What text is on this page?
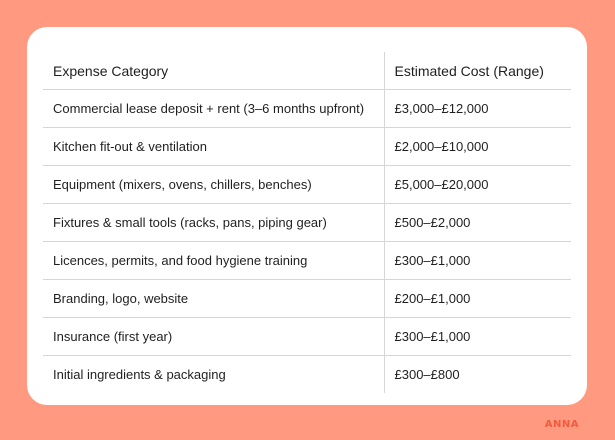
Expense Category	Estimated Cost (Range)
Commercial lease deposit + rent (3–6 months upfront)	£3,000–£12,000
Kitchen fit-out & ventilation	£2,000–£10,000
Equipment (mixers, ovens, chillers, benches)	£5,000–£20,000
Fixtures & small tools (racks, pans, piping gear)	£500–£2,000
Licences, permits, and food hygiene training	£300–£1,000
Branding, logo, website	£200–£1,000
Insurance (first year)	£300–£1,000
Initial ingredients & packaging	£300–£800
ANNA
